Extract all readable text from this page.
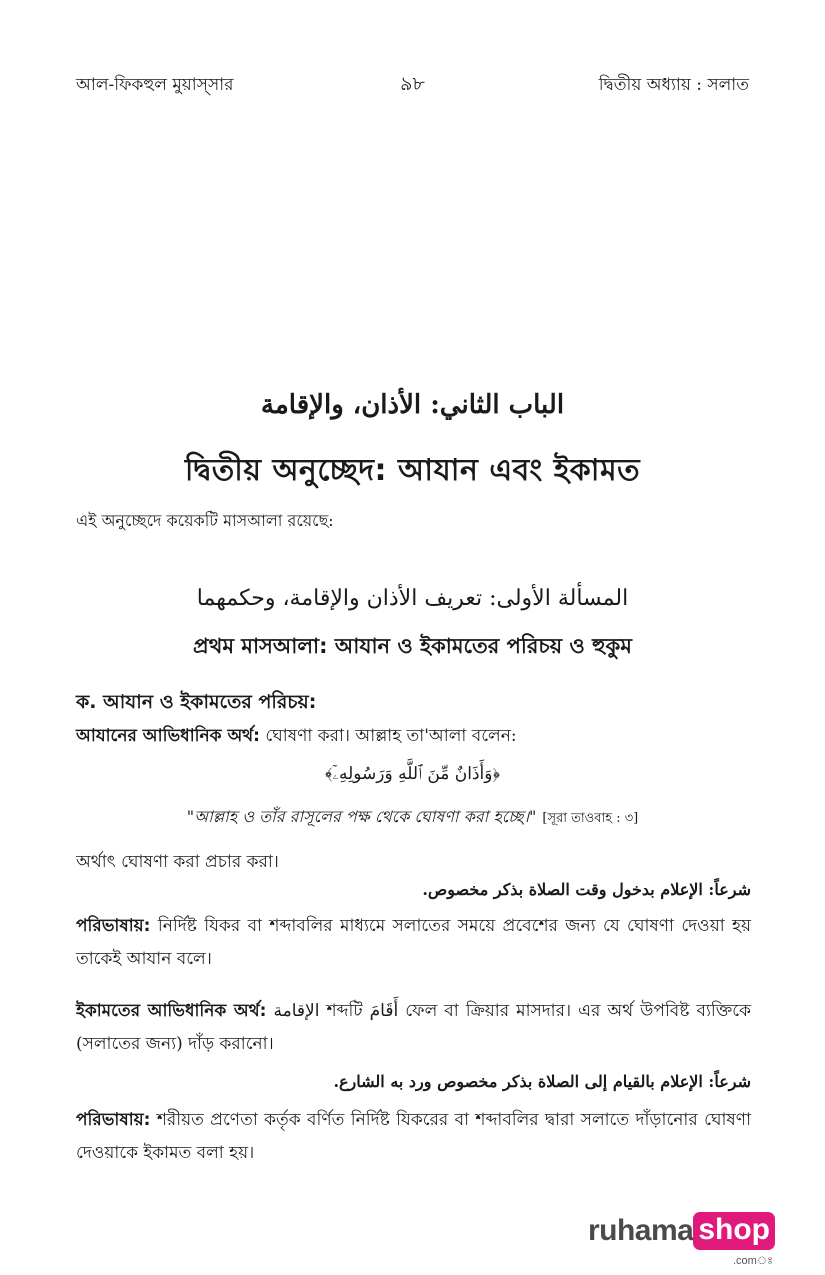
আল-ফিকহুল মুয়াস্‌সার	৯৮	দ্বিতীয় অধ্যায় : সলাত
الباب الثاني: الأذان، والإقامة
দ্বিতীয় অনুচ্ছেদ: আযান এবং ইকামত
এই অনুচ্ছেদে কয়েকটি মাসআলা রয়েছে:
المسألة الأولى: تعريف الأذان والإقامة، وحكمهما
প্রথম মাসআলা: আযান ও ইকামতের পরিচয় ও হুকুম
ক. আযান ও ইকামতের পরিচয়:
আযানের আভিধানিক অর্থ: ঘোষণা করা। আল্লাহ তা'আলা বলেন:
﴿وَأَذَانٌ مِّنَ ٱللَّهِ وَرَسُولِهِۦٓ﴾
"আল্লাহ ও তাঁর রাসূলের পক্ষ থেকে ঘোষণা করা হচ্ছে।" [সূরা তাওবাহ : ৩]
অর্থাৎ ঘোষণা করা প্রচার করা।
شرعاً: الإعلام بدخول وقت الصلاة بذكر مخصوص.
পরিভাষায়: নির্দিষ্ট যিকর বা শব্দাবলির মাধ্যমে সলাতের সময়ে প্রবেশের জন্য যে ঘোষণা দেওয়া হয় তাকেই আযান বলে।
ইকামতের আভিধানিক অর্থ: الإقامة শব্দটি أَقَامَ ফেল বা ক্রিয়ার মাসদার। এর অর্থ উপবিষ্ট ব্যক্তিকে (সলাতের জন্য) দাঁড় করানো।
شرعاً: الإعلام بالقيام إلى الصلاة بذكر مخصوص ورد به الشارع.
পরিভাষায়: শরীয়ত প্রণেতা কর্তৃক বর্ণিত নির্দিষ্ট যিকরের বা শব্দাবলির দ্বারা সলাতে দাঁড়ানোর ঘোষণা দেওয়াকে ইকামত বলা হয়।
ruhama shop
.comঃ
